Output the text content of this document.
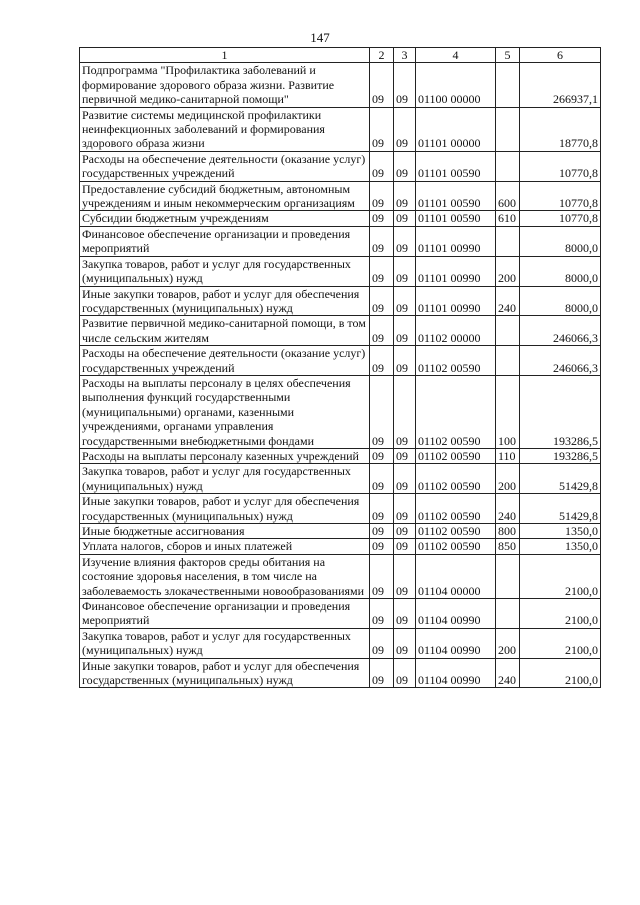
147
1	2	3	4	5	6
Подпрограмма "Профилактика заболеваний и формирование здорового образа жизни. Развитие первичной медико-санитарной помощи"	09	09	01100 00000		266937,1
Развитие системы медицинской профилактики неинфекционных заболеваний и формирования здорового образа жизни	09	09	01101 00000		18770,8
Расходы на обеспечение деятельности (оказание услуг) государственных учреждений	09	09	01101 00590		10770,8
Предоставление субсидий бюджетным, автономным учреждениям и иным некоммерческим организациям	09	09	01101 00590	600	10770,8
Субсидии бюджетным учреждениям	09	09	01101 00590	610	10770,8
Финансовое обеспечение организации и проведения мероприятий	09	09	01101 00990		8000,0
Закупка товаров, работ и услуг для государственных (муниципальных) нужд	09	09	01101 00990	200	8000,0
Иные закупки товаров, работ и услуг для обеспечения государственных (муниципальных) нужд	09	09	01101 00990	240	8000,0
Развитие первичной медико-санитарной помощи, в том числе сельским жителям	09	09	01102 00000		246066,3
Расходы на обеспечение деятельности (оказание услуг) государственных учреждений	09	09	01102 00590		246066,3
Расходы на выплаты персоналу в целях обеспечения выполнения функций государственными (муниципальными) органами, казенными учреждениями, органами управления государственными внебюджетными фондами	09	09	01102 00590	100	193286,5
Расходы на выплаты персоналу казенных учреждений	09	09	01102 00590	110	193286,5
Закупка товаров, работ и услуг для государственных (муниципальных) нужд	09	09	01102 00590	200	51429,8
Иные закупки товаров, работ и услуг для обеспечения государственных (муниципальных) нужд	09	09	01102 00590	240	51429,8
Иные бюджетные ассигнования	09	09	01102 00590	800	1350,0
Уплата налогов, сборов и иных платежей	09	09	01102 00590	850	1350,0
Изучение влияния факторов среды обитания на состояние здоровья населения, в том числе на заболеваемость злокачественными новообразованиями	09	09	01104 00000		2100,0
Финансовое обеспечение организации и проведения мероприятий	09	09	01104 00990		2100,0
Закупка товаров, работ и услуг для государственных (муниципальных) нужд	09	09	01104 00990	200	2100,0
Иные закупки товаров, работ и услуг для обеспечения государственных (муниципальных) нужд	09	09	01104 00990	240	2100,0
